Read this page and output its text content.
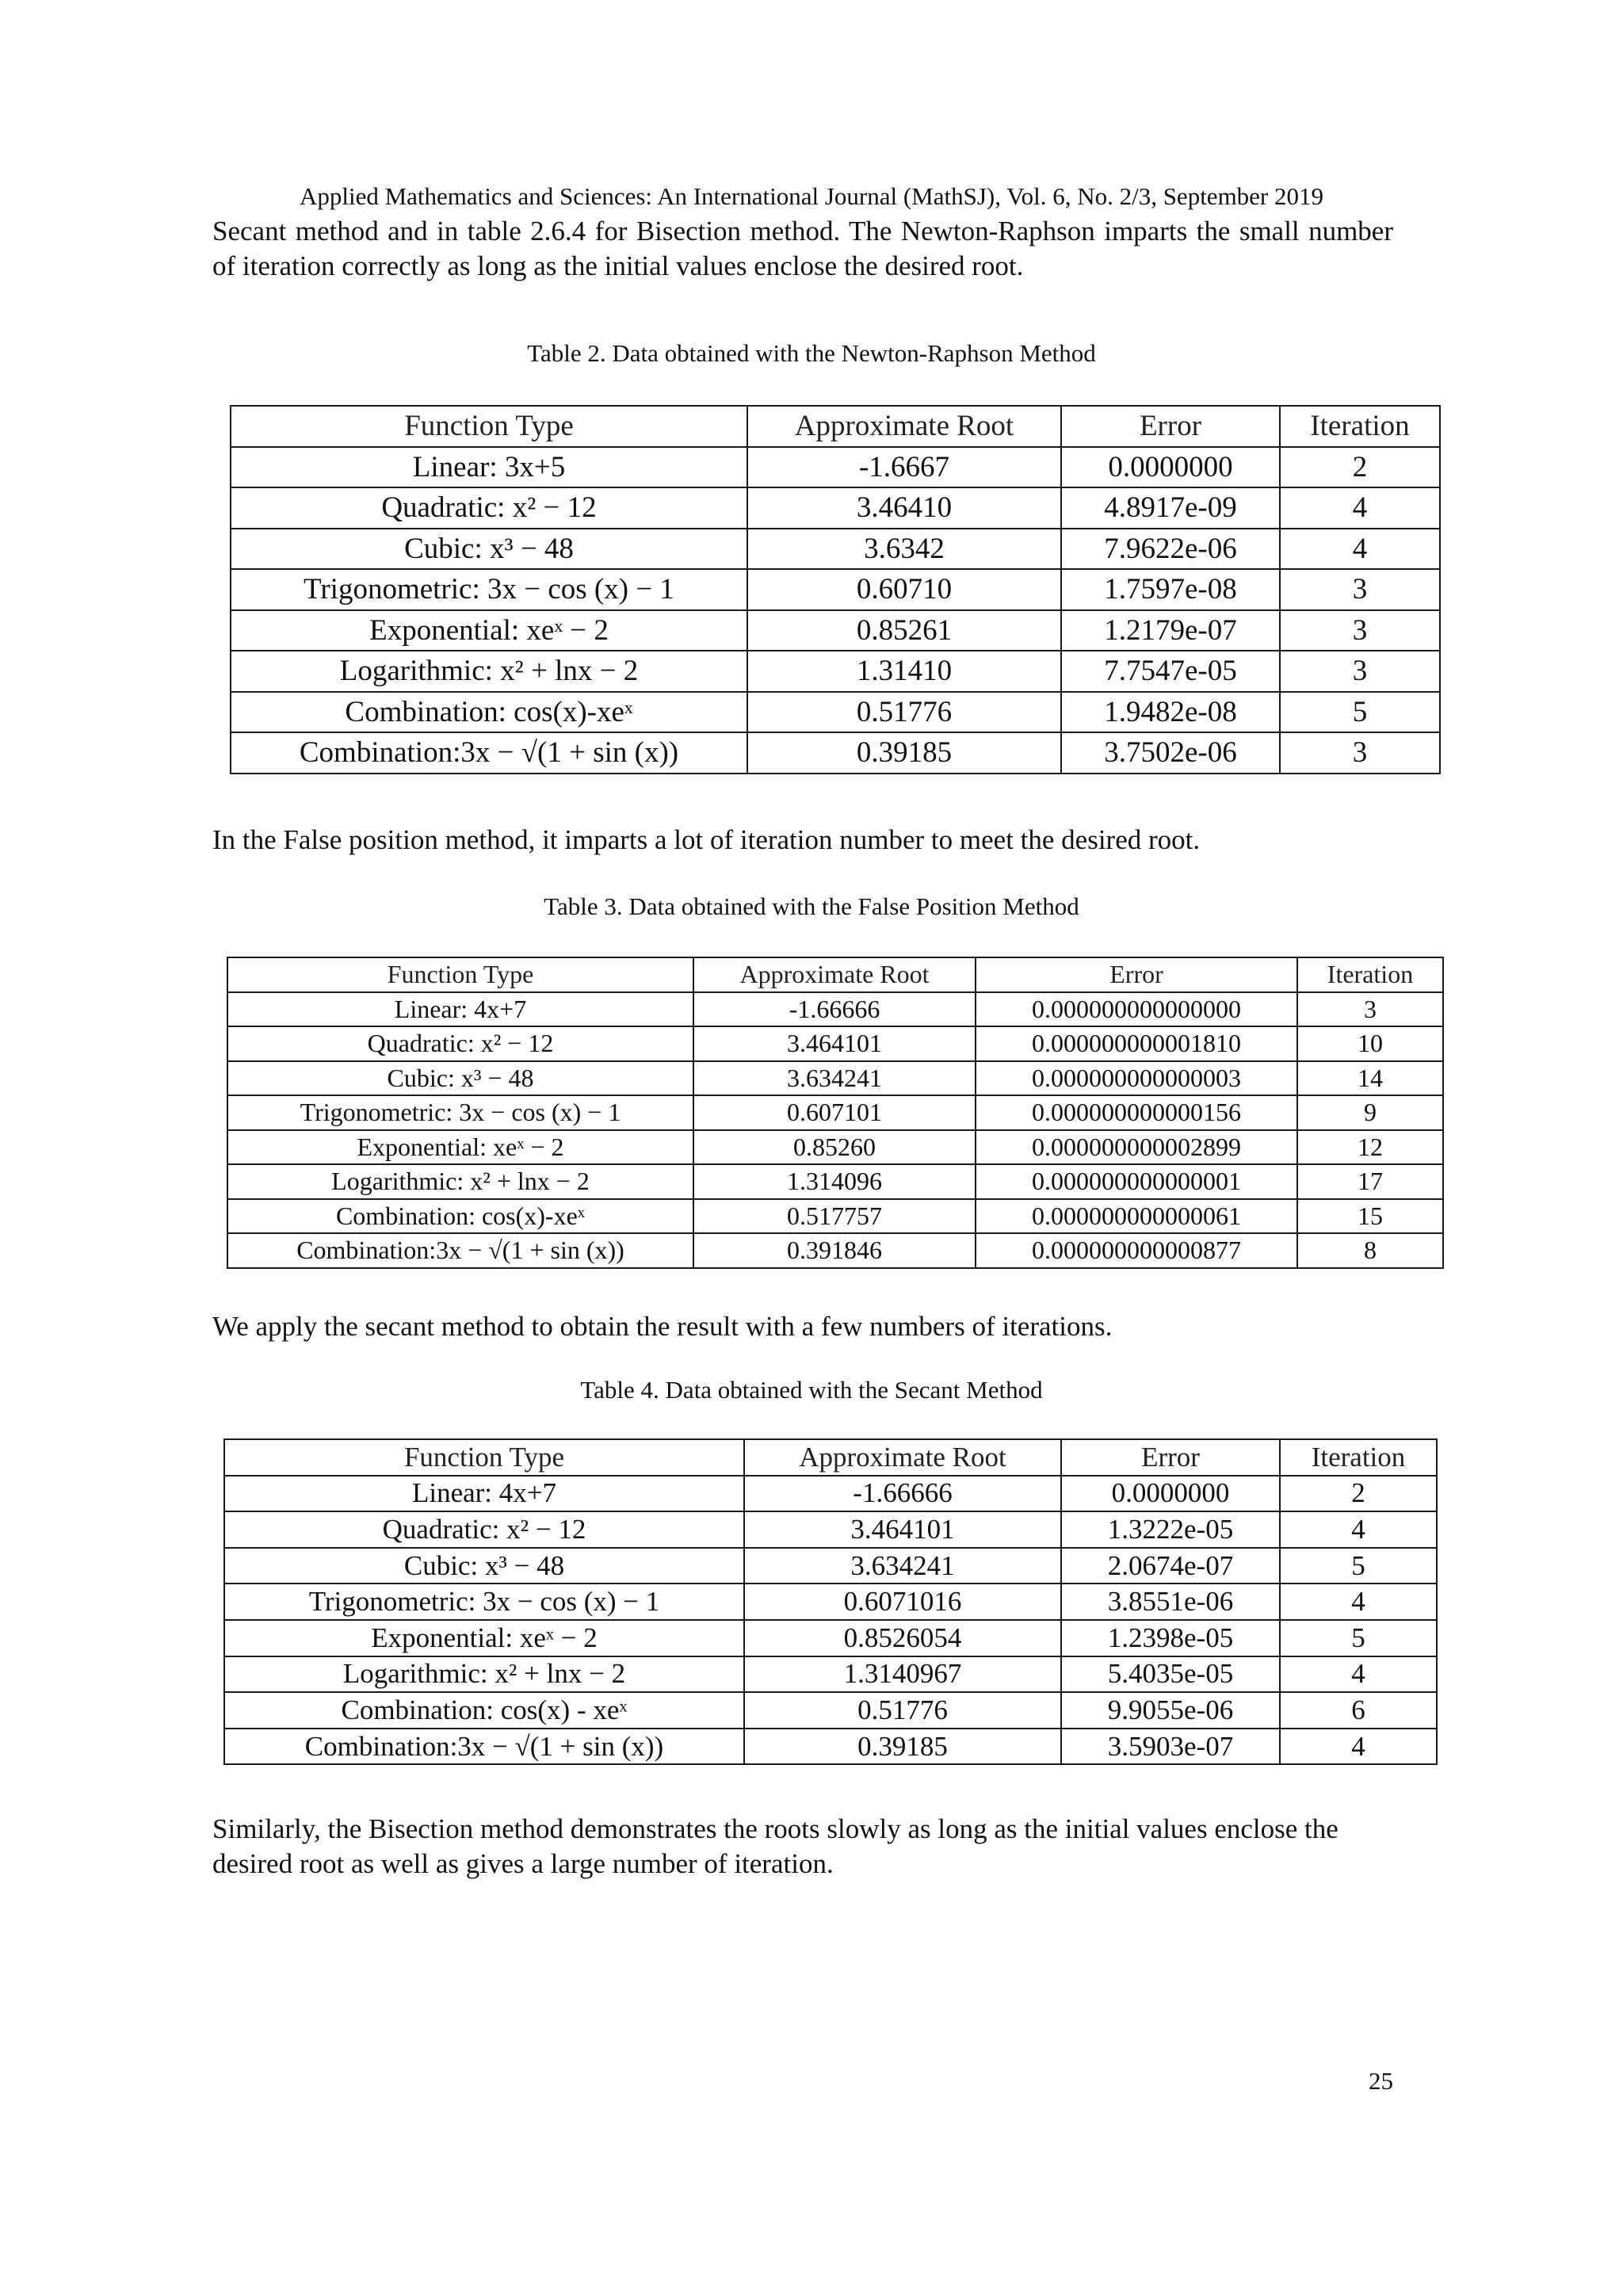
Applied Mathematics and Sciences: An International Journal (MathSJ), Vol. 6, No. 2/3, September 2019

Secant method and in table 2.6.4 for Bisection method. The Newton-Raphson imparts the small number of iteration correctly as long as the initial values enclose the desired root.

Table 2. Data obtained with the Newton-Raphson Method
Function Type	Approximate Root	Error	Iteration
Linear: 3x+5	-1.6667	0.0000000	2
Quadratic: x² − 12	3.46410	4.8917e-09	4
Cubic: x³ − 48	3.6342	7.9622e-06	4
Trigonometric: 3x − cos (x) − 1	0.60710	1.7597e-08	3
Exponential: xeˣ − 2	0.85261	1.2179e-07	3
Logarithmic: x² + lnx − 2	1.31410	7.7547e-05	3
Combination: cos(x)-xeˣ	0.51776	1.9482e-08	5
Combination:3x − √(1 + sin (x))	0.39185	3.7502e-06	3

In the False position method, it imparts a lot of iteration number to meet the desired root.

Table 3. Data obtained with the False Position Method
Function Type	Approximate Root	Error	Iteration
Linear: 4x+7	-1.66666	0.000000000000000	3
Quadratic: x² − 12	3.464101	0.000000000001810	10
Cubic: x³ − 48	3.634241	0.000000000000003	14
Trigonometric: 3x − cos (x) − 1	0.607101	0.000000000000156	9
Exponential: xeˣ − 2	0.85260	0.000000000002899	12
Logarithmic: x² + lnx − 2	1.314096	0.000000000000001	17
Combination: cos(x)-xeˣ	0.517757	0.000000000000061	15
Combination:3x − √(1 + sin (x))	0.391846	0.000000000000877	8

We apply the secant method to obtain the result with a few numbers of iterations.

Table 4. Data obtained with the Secant Method
Function Type	Approximate Root	Error	Iteration
Linear: 4x+7	-1.66666	0.0000000	2
Quadratic: x² − 12	3.464101	1.3222e-05	4
Cubic: x³ − 48	3.634241	2.0674e-07	5
Trigonometric: 3x − cos (x) − 1	0.6071016	3.8551e-06	4
Exponential: xeˣ − 2	0.8526054	1.2398e-05	5
Logarithmic: x² + lnx − 2	1.3140967	5.4035e-05	4
Combination: cos(x) - xeˣ	0.51776	9.9055e-06	6
Combination:3x − √(1 + sin (x))	0.39185	3.5903e-07	4

Similarly, the Bisection method demonstrates the roots slowly as long as the initial values enclose the desired root as well as gives a large number of iteration.

25
